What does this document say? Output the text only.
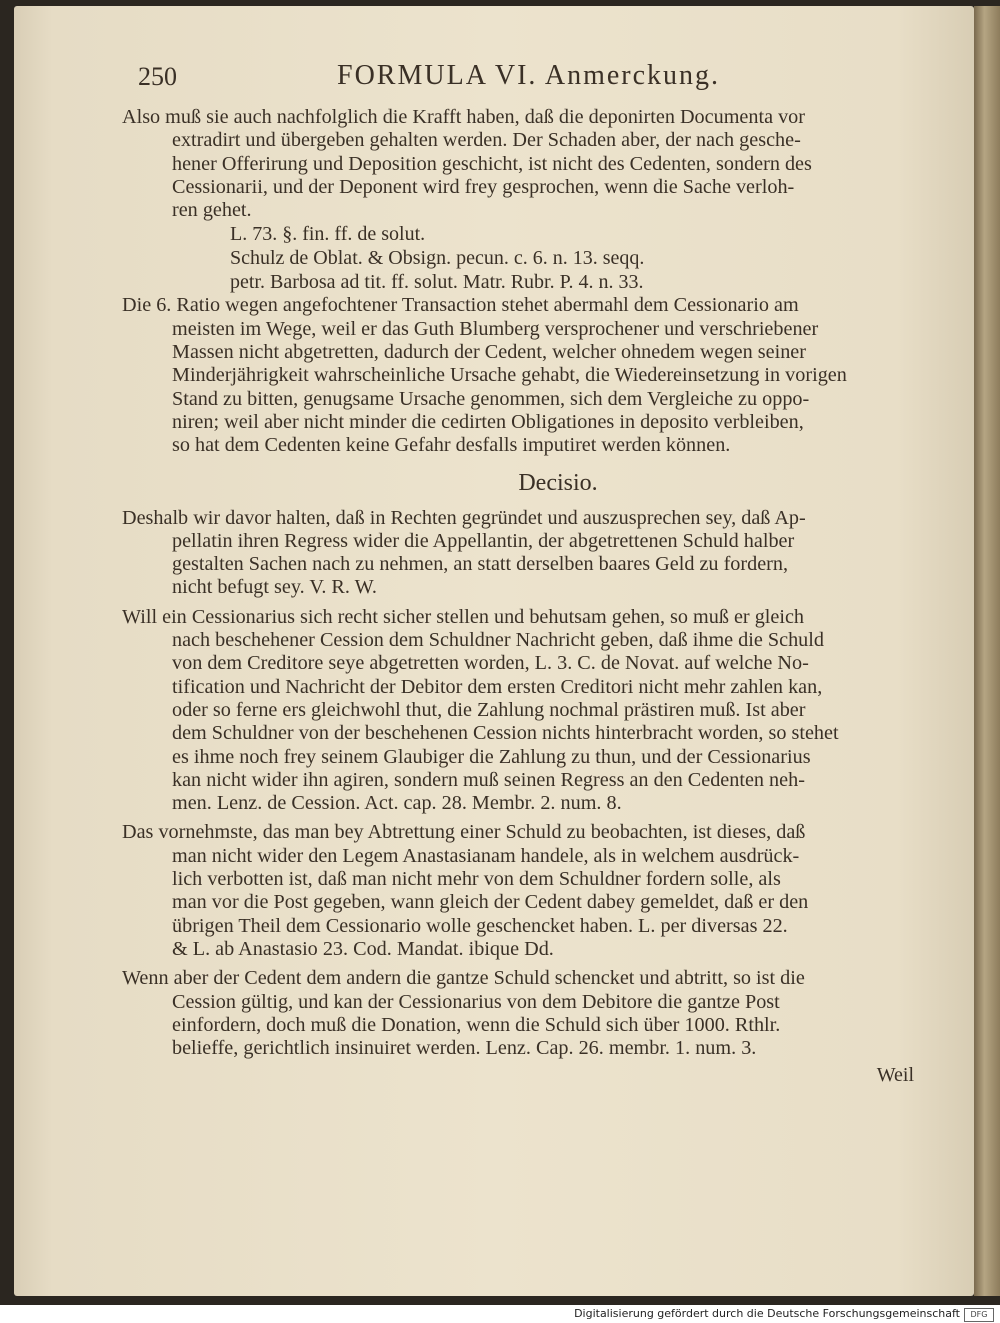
250	FORMULA VI. Anmerckung.

Also muß sie auch nachfolglich die Krafft haben, daß die deponirten Documenta vor
extradirt und übergeben gehalten werden. Der Schaden aber, der nach gesche-
hener Offerirung und Deposition geschicht, ist nicht des Cedenten, sondern des
Cessionarii, und der Deponent wird frey gesprochen, wenn die Sache verloh-
ren gehet.

L. 73. §. fin. ff. de solut.

Schulz de Oblat. & Obsign. pecun. c. 6. n. 13. seqq.

petr. Barbosa ad tit. ff. solut. Matr. Rubr. P. 4. n. 33.

Die 6. Ratio wegen angefochtener Transaction stehet abermahl dem Cessionario am
meisten im Wege, weil er das Guth Blumberg versprochener und verschriebener
Massen nicht abgetretten, dadurch der Cedent, welcher ohnedem wegen seiner
Minderjährigkeit wahrscheinliche Ursache gehabt, die Wiedereinsetzung in vorigen
Stand zu bitten, genugsame Ursache genommen, sich dem Vergleiche zu oppo-
niren; weil aber nicht minder die cedirten Obligationes in deposito verbleiben,
so hat dem Cedenten keine Gefahr desfalls imputiret werden können.

Decisio.

Deshalb wir davor halten, daß in Rechten gegründet und auszusprechen sey, daß Ap-
pellatin ihren Regress wider die Appellantin, der abgetrettenen Schuld halber
gestalten Sachen nach zu nehmen, an statt derselben baares Geld zu fordern,
nicht befugt sey. V. R. W.

Will ein Cessionarius sich recht sicher stellen und behutsam gehen, so muß er gleich
nach beschehener Cession dem Schuldner Nachricht geben, daß ihme die Schuld
von dem Creditore seye abgetretten worden, L. 3. C. de Novat. auf welche No-
tification und Nachricht der Debitor dem ersten Creditori nicht mehr zahlen kan,
oder so ferne ers gleichwohl thut, die Zahlung nochmal prästiren muß. Ist aber
dem Schuldner von der beschehenen Cession nichts hinterbracht worden, so stehet
es ihme noch frey seinem Glaubiger die Zahlung zu thun, und der Cessionarius
kan nicht wider ihn agiren, sondern muß seinen Regress an den Cedenten neh-
men. Lenz. de Cession. Act. cap. 28. Membr. 2. num. 8.

Das vornehmste, das man bey Abtrettung einer Schuld zu beobachten, ist dieses, daß
man nicht wider den Legem Anastasianam handele, als in welchem ausdrück-
lich verbotten ist, daß man nicht mehr von dem Schuldner fordern solle, als
man vor die Post gegeben, wann gleich der Cedent dabey gemeldet, daß er den
übrigen Theil dem Cessionario wolle geschencket haben. L. per diversas 22.
& L. ab Anastasio 23. Cod. Mandat. ibique Dd.

Wenn aber der Cedent dem andern die gantze Schuld schencket und abtritt, so ist die
Cession gültig, und kan der Cessionarius von dem Debitore die gantze Post
einfordern, doch muß die Donation, wenn die Schuld sich über 1000. Rthlr.
belieffe, gerichtlich insinuiret werden. Lenz. Cap. 26. membr. 1. num. 3.

Weil
Digitalisierung gefördert durch die Deutsche Forschungsgemeinschaft	DFG
